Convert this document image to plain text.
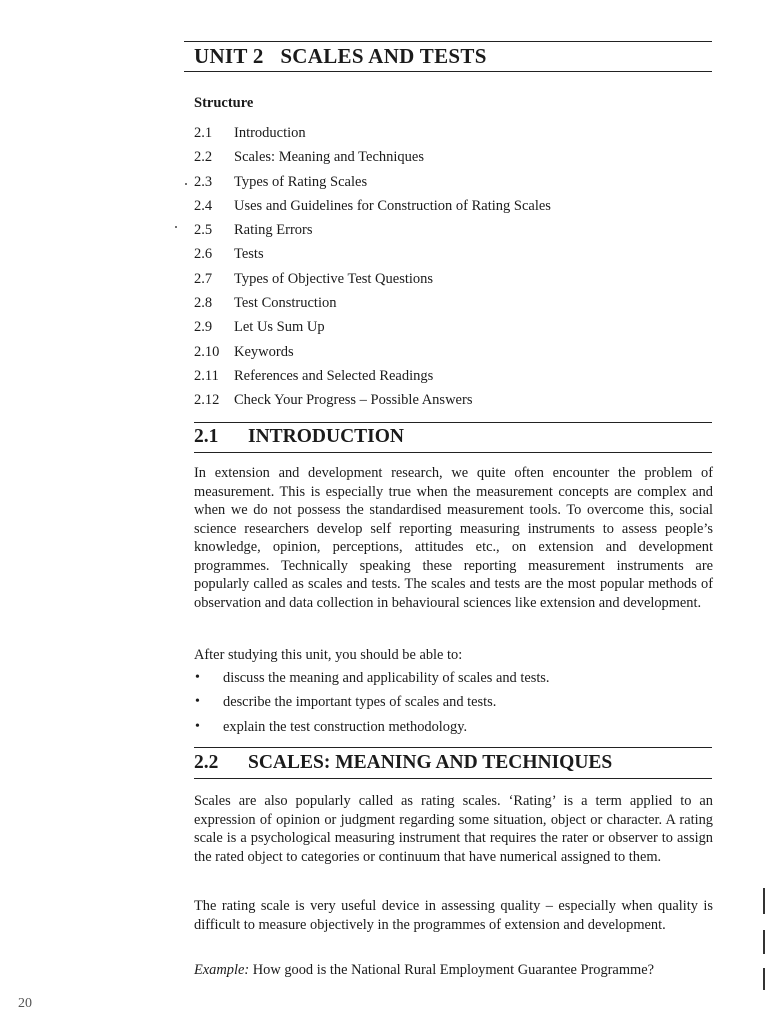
UNIT 2   SCALES AND TESTS
Structure
2.1 Introduction
2.2 Scales: Meaning and Techniques
2.3 Types of Rating Scales
2.4 Uses and Guidelines for Construction of Rating Scales
2.5 Rating Errors
2.6 Tests
2.7 Types of Objective Test Questions
2.8 Test Construction
2.9 Let Us Sum Up
2.10 Keywords
2.11 References and Selected Readings
2.12 Check Your Progress – Possible Answers
2.1 INTRODUCTION

In extension and development research, we quite often encounter the problem of measurement. This is especially true when the measurement concepts are complex and when we do not possess the standardised measurement tools. To overcome this, social science researchers develop self reporting measuring instruments to assess people’s knowledge, opinion, perceptions, attitudes etc., on extension and development programmes. Technically speaking these reporting measurement instruments are popularly called as scales and tests. The scales and tests are the most popular methods of observation and data collection in behavioural sciences like extension and development.

After studying this unit, you should be able to:

• discuss the meaning and applicability of scales and tests.
• describe the important types of scales and tests.
• explain the test construction methodology.
2.2 SCALES: MEANING AND TECHNIQUES

Scales are also popularly called as rating scales. ‘Rating’ is a term applied to an expression of opinion or judgment regarding some situation, object or character. A rating scale is a psychological measuring instrument that requires the rater or observer to assign the rated object to categories or continuum that have numerical assigned to them.

The rating scale is very useful device in assessing quality – especially when quality is difficult to measure objectively in the programmes of extension and development.

Example: How good is the National Rural Employment Guarantee Programme?

20
